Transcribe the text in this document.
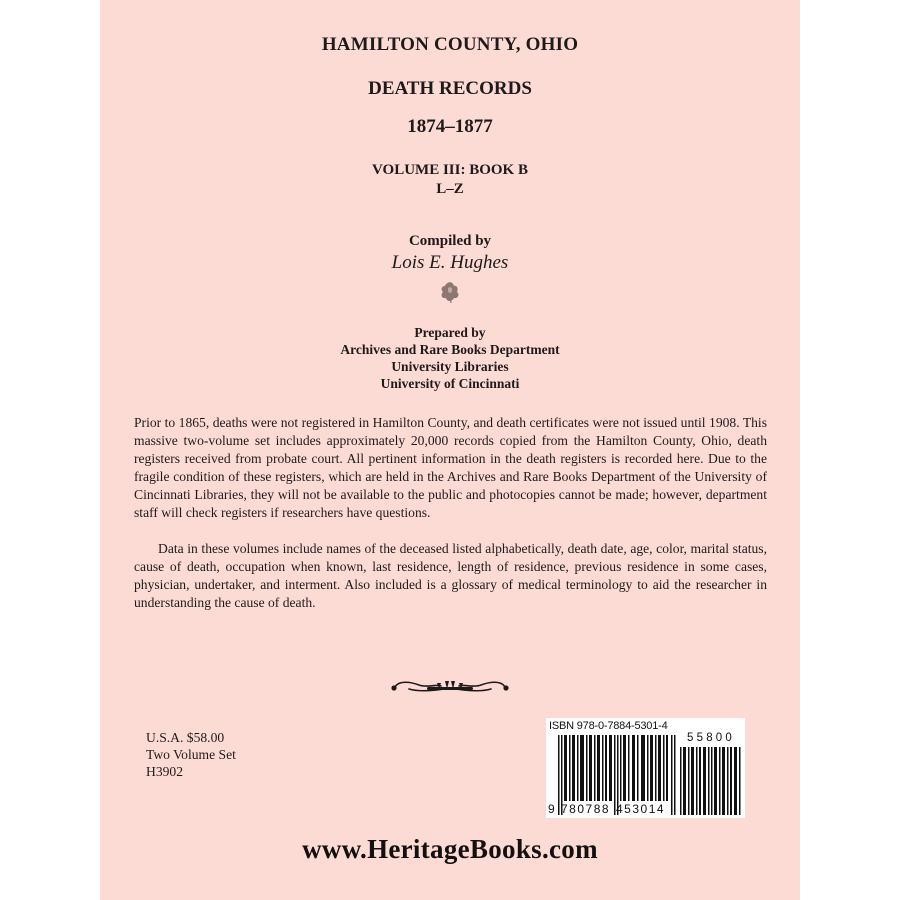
HAMILTON COUNTY, OHIO
DEATH RECORDS
1874–1877
VOLUME III: BOOK B
L–Z
Compiled by
Lois E. Hughes
Prepared by
Archives and Rare Books Department
University Libraries
University of Cincinnati
Prior to 1865, deaths were not registered in Hamilton County, and death certificates were not issued until 1908. This massive two-volume set includes approximately 20,000 records copied from the Hamilton County, Ohio, death registers received from probate court. All pertinent information in the death registers is recorded here. Due to the fragile condition of these registers, which are held in the Archives and Rare Books Department of the University of Cincinnati Libraries, they will not be available to the public and photocopies cannot be made; however, department staff will check registers if researchers have questions.
Data in these volumes include names of the deceased listed alphabetically, death date, age, color, marital status, cause of death, occupation when known, last residence, length of residence, previous residence in some cases, physician, undertaker, and interment. Also included is a glossary of medical terminology to aid the researcher in understanding the cause of death.
U.S.A. $58.00
Two Volume Set
H3902
ISBN 978-0-7884-5301-4
55800
9 780788 453014
www.HeritageBooks.com
